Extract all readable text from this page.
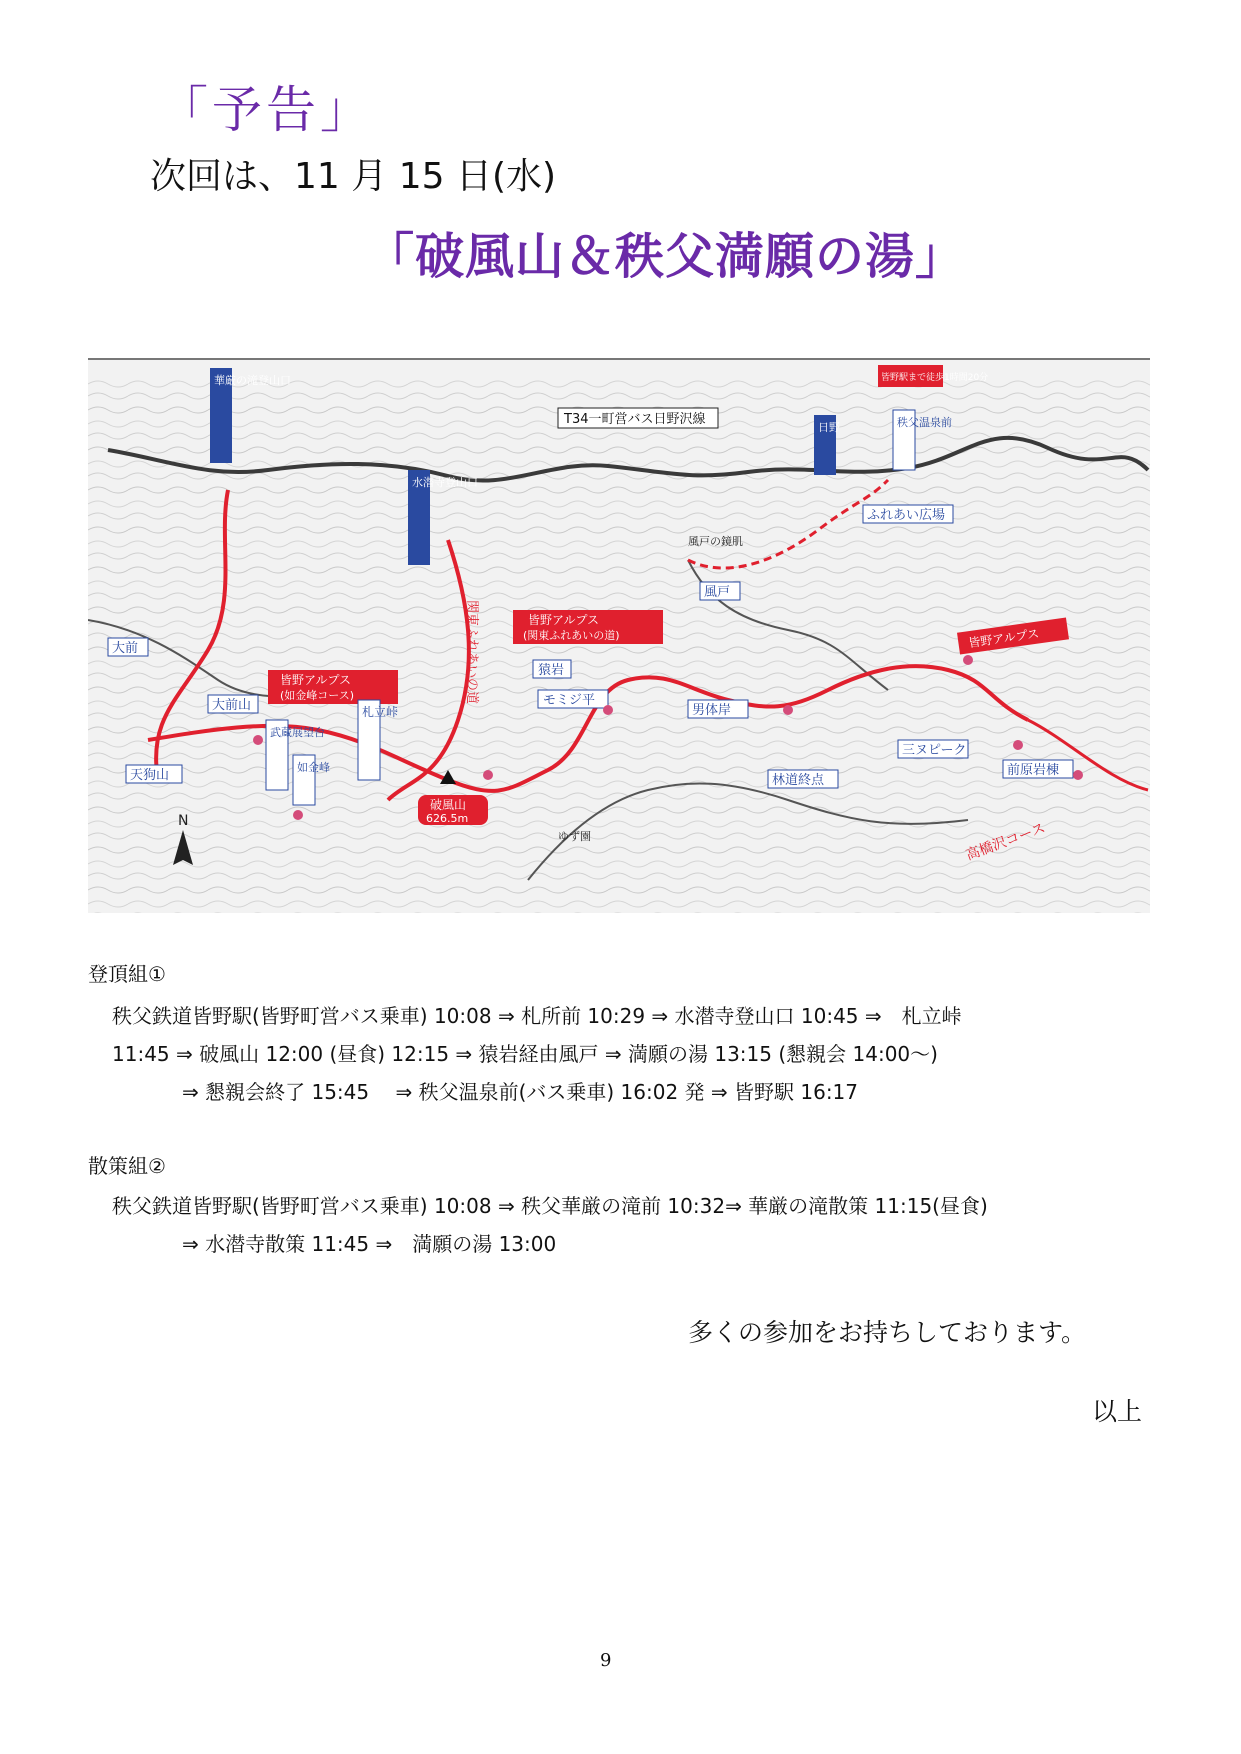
「予告」
次回は、11 月 15 日(水)
「破風山＆秩父満願の湯」
N
T34一町営バス日野沢線
皆野アルプス
(如金峰コース)
皆野アルプス
(関東ふれあいの道)	皆野アルプス
破風山
626.5m
猿岩
モミジ平
大前
大前山
天狗山
札立峠
武蔵展望台
如金峰
三ヌピーク
前原岩棟
林道終点
男体岸
風戸
風戸の鏡肌
水潜寺登山口
華厳の滝登山口
日野
ふれあい広場
秩父温泉前
高橋沢コース
ゆず園
皆野駅まで徒歩1時間20分
関東ふれあいの道
登頂組①
秩父鉄道皆野駅(皆野町営バス乗車) 10:08 ⇒ 札所前 10:29 ⇒ 水潜寺登山口 10:45 ⇒　札立峠
11:45 ⇒ 破風山 12:00 (昼食) 12:15 ⇒ 猿岩経由風戸 ⇒ 満願の湯 13:15 (懇親会 14:00～)
⇒ 懇親会終了 15:45　 ⇒ 秩父温泉前(バス乗車) 16:02 発 ⇒ 皆野駅 16:17
散策組②
秩父鉄道皆野駅(皆野町営バス乗車) 10:08 ⇒ 秩父華厳の滝前 10:32⇒ 華厳の滝散策 11:15(昼食)
⇒ 水潜寺散策 11:45 ⇒　満願の湯 13:00
多くの参加をお持ちしております。
以上
9
